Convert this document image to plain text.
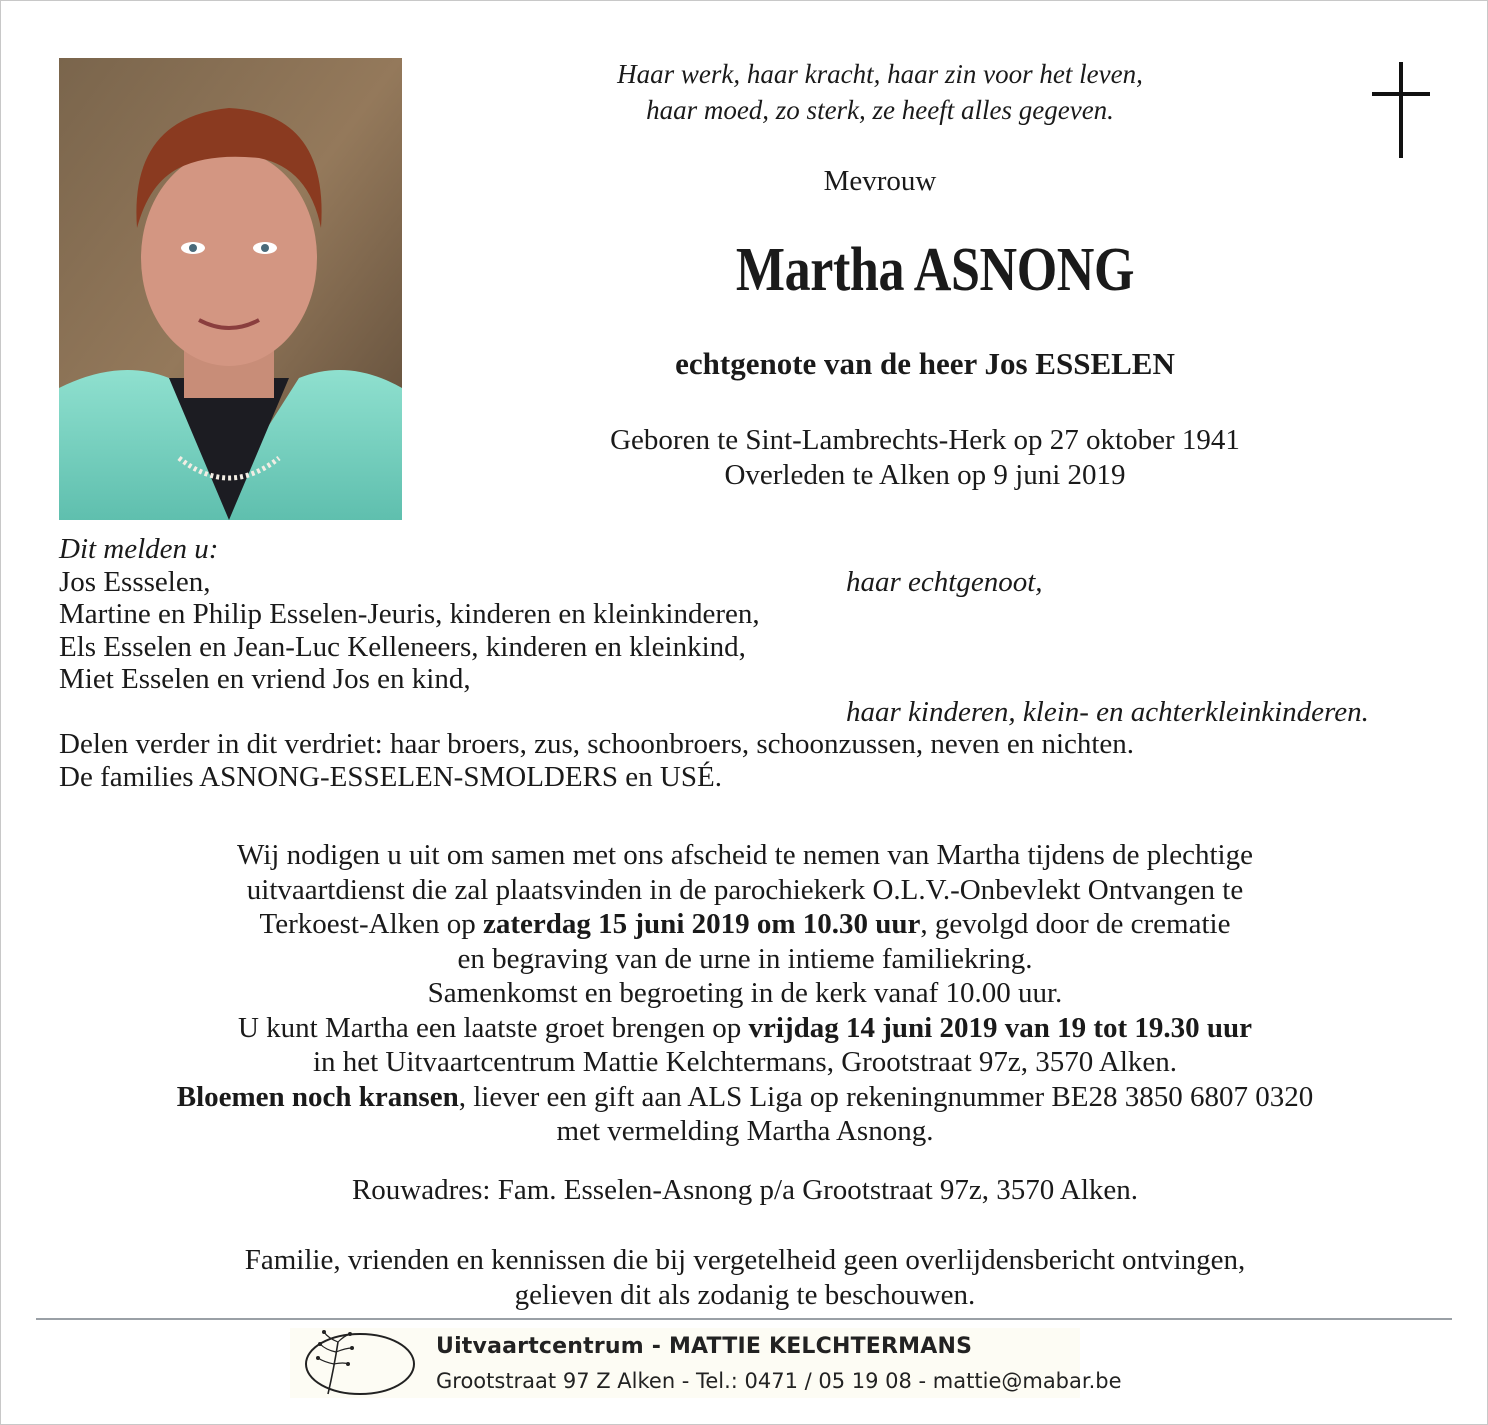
Haar werk, haar kracht, haar zin voor het leven,
haar moed, zo sterk, ze heeft alles gegeven.
Mevrouw
Martha ASNONG
echtgenote van de heer Jos ESSELEN
Geboren te Sint-Lambrechts-Herk op 27 oktober 1941
Overleden te Alken op 9 juni 2019
Dit melden u:
Jos Essselen,	haar echtgenoot,
Martine en Philip Esselen-Jeuris, kinderen en kleinkinderen,
Els Esselen en Jean-Luc Kelleneers, kinderen en kleinkind,
Miet Esselen en vriend Jos en kind,
haar kinderen, klein- en achterkleinkinderen.
Delen verder in dit verdriet: haar broers, zus, schoonbroers, schoonzussen, neven en nichten.
De families ASNONG-ESSELEN-SMOLDERS en USÉ.
Wij nodigen u uit om samen met ons afscheid te nemen van Martha tijdens de plechtige
uitvaartdienst die zal plaatsvinden in de parochiekerk O.L.V.-Onbevlekt Ontvangen te
Terkoest-Alken op zaterdag 15 juni 2019 om 10.30 uur, gevolgd door de crematie
en begraving van de urne in intieme familiekring.
Samenkomst en begroeting in de kerk vanaf 10.00 uur.
U kunt Martha een laatste groet brengen op vrijdag 14 juni 2019 van 19 tot 19.30 uur
in het Uitvaartcentrum Mattie Kelchtermans, Grootstraat 97z, 3570 Alken.
Bloemen noch kransen, liever een gift aan ALS Liga op rekeningnummer BE28 3850 6807 0320
met vermelding Martha Asnong.
Rouwadres: Fam. Esselen-Asnong p/a Grootstraat 97z, 3570 Alken.
Familie, vrienden en kennissen die bij vergetelheid geen overlijdensbericht ontvingen,
gelieven dit als zodanig te beschouwen.
Uitvaartcentrum - MATTIE KELCHTERMANS
Grootstraat 97 Z Alken - Tel.: 0471 / 05 19 08 - mattie@mabar.be
